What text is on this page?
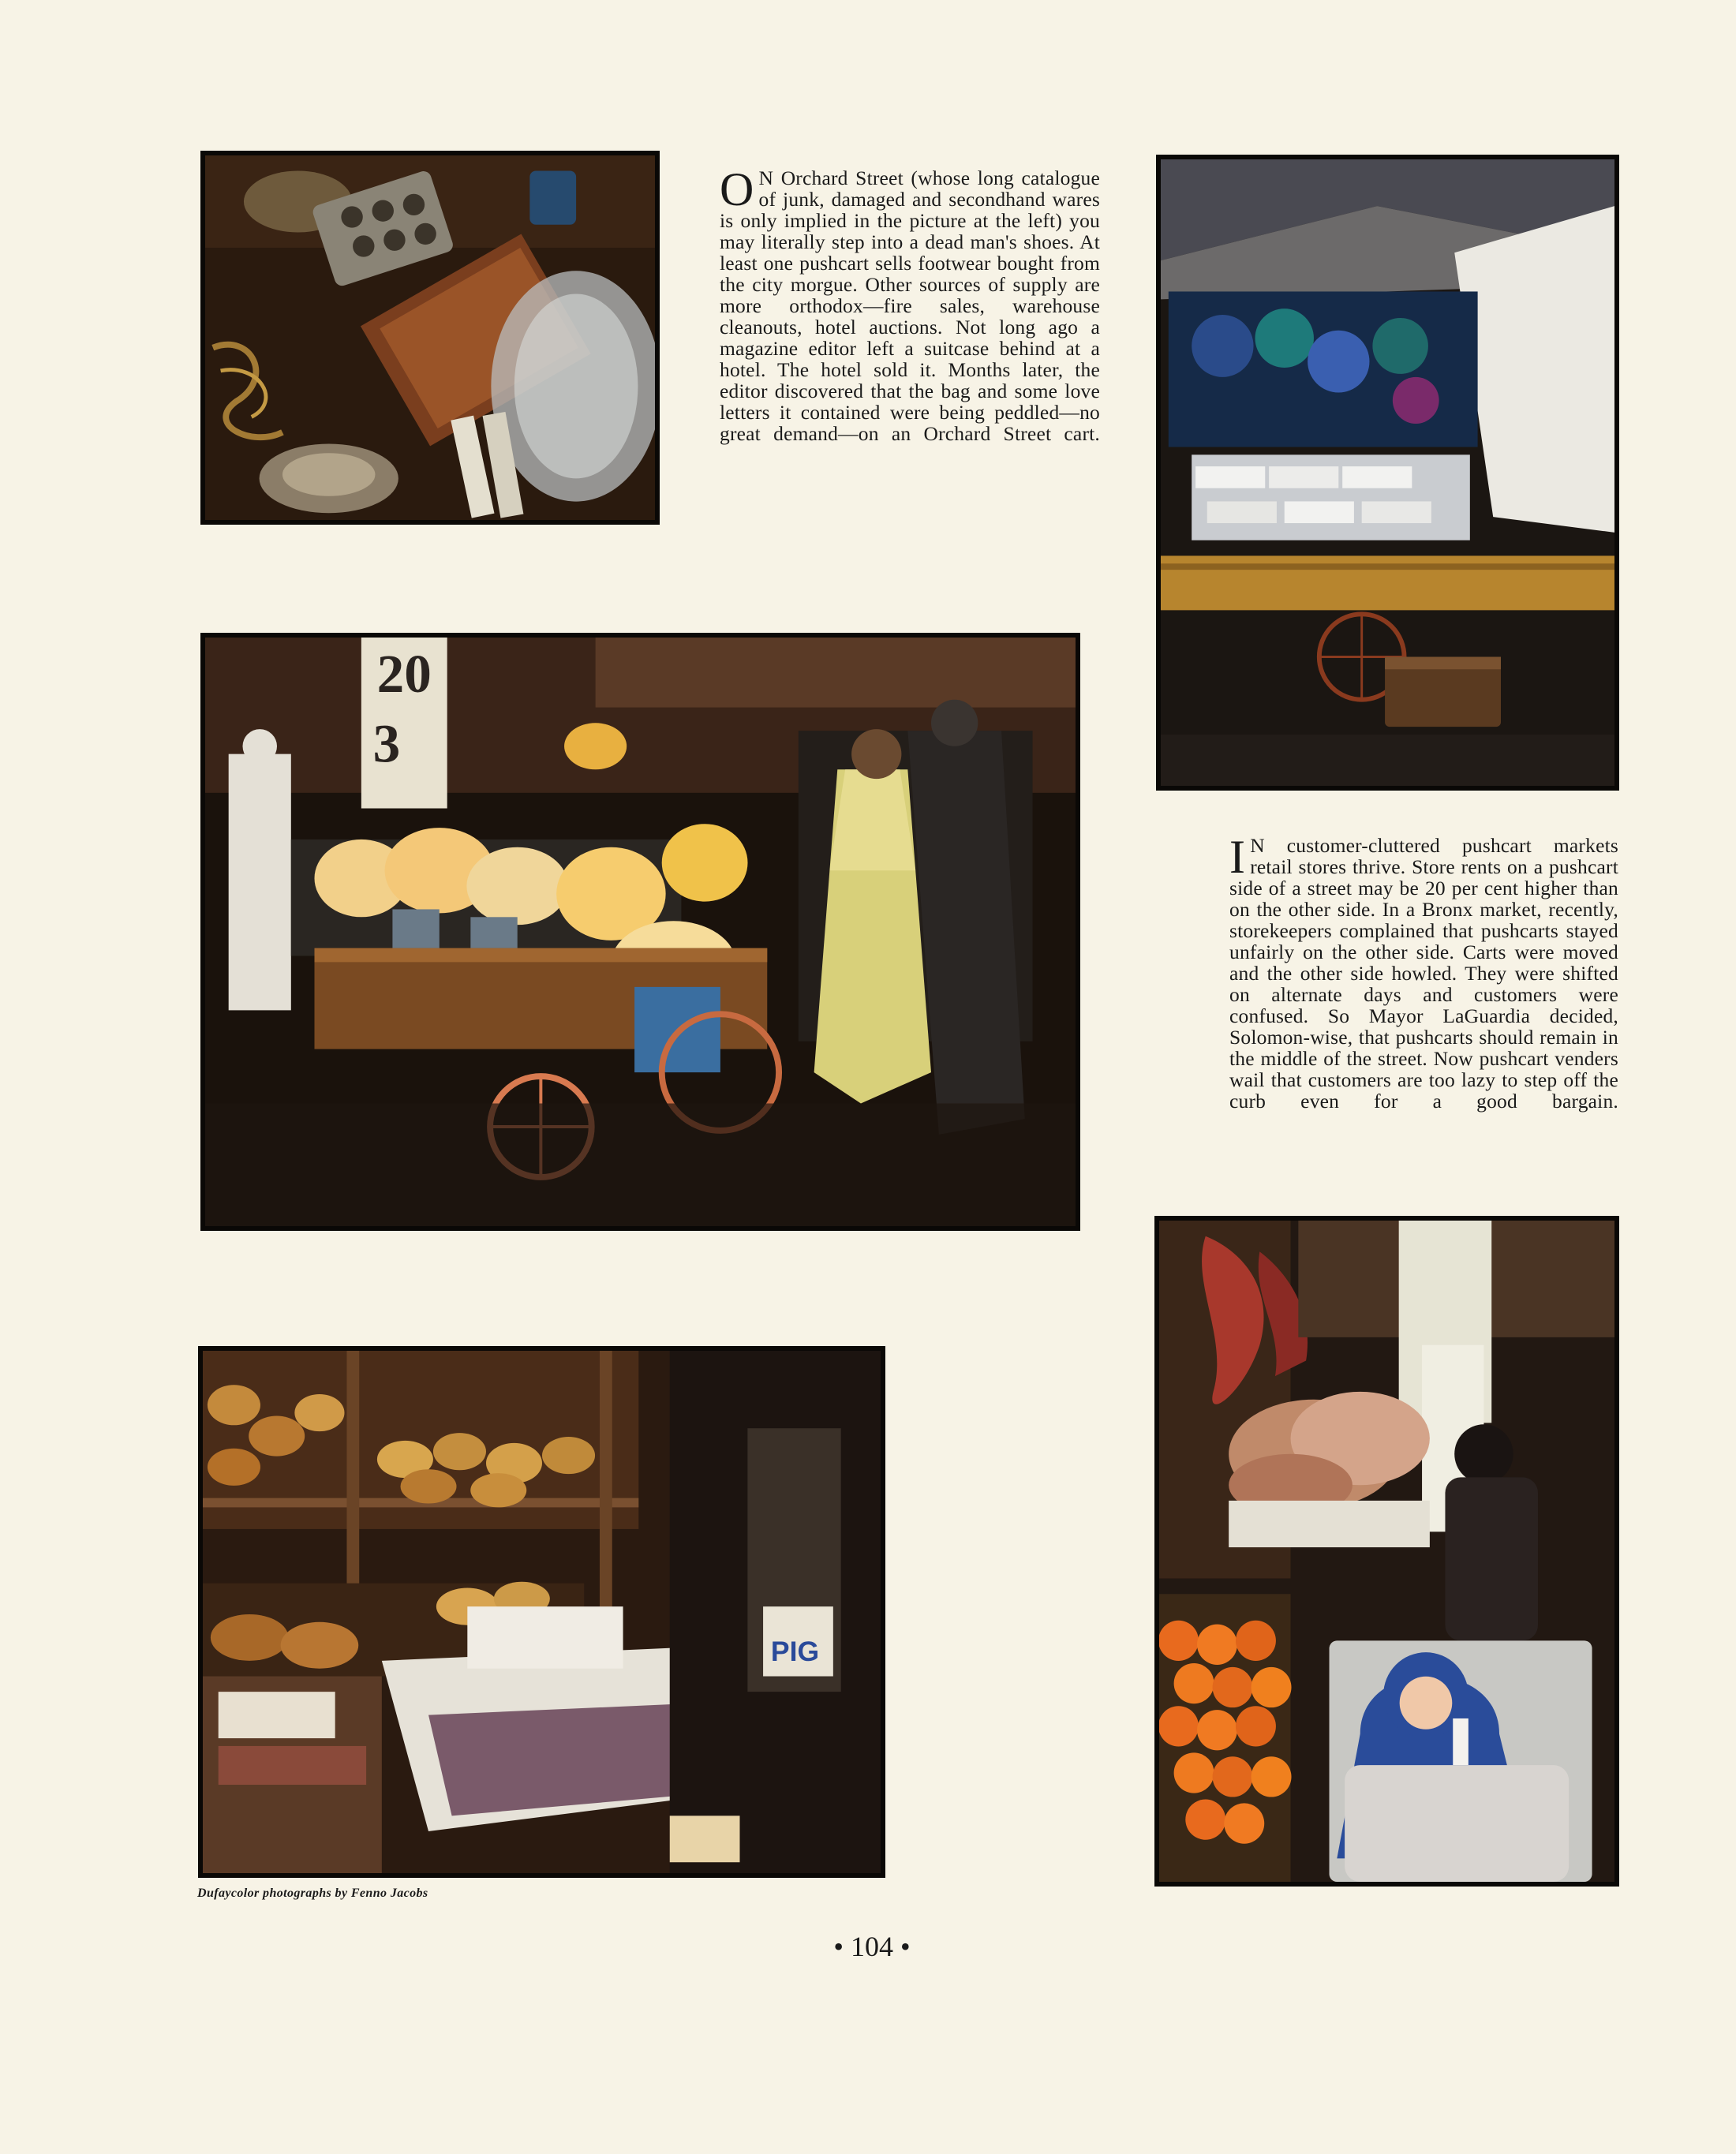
O N Orchard Street (whose long catalogue of junk, damaged and secondhand wares is only implied in the picture at the left) you may literally step into a dead man's shoes. At least one pushcart sells footwear bought from the city morgue. Other sources of supply are more orthodox—fire sales, warehouse cleanouts, hotel auctions. Not long ago a magazine editor left a suitcase behind at a hotel. The hotel sold it. Months later, the editor discovered that the bag and some love letters it contained were being peddled—no great demand—on an Orchard Street cart.
20
3
I N customer-cluttered pushcart markets retail stores thrive. Store rents on a pushcart side of a street may be 20 per cent higher than on the other side. In a Bronx market, recently, storekeepers complained that pushcarts stayed unfairly on the other side. Carts were moved and the other side howled. They were shifted on alternate days and customers were confused. So Mayor LaGuardia decided, Solomon-wise, that pushcarts should remain in the middle of the street. Now pushcart venders wail that customers are too lazy to step off the curb even for a good bargain.
PIG
Dufaycolor photographs by Fenno Jacobs
• 104 •
